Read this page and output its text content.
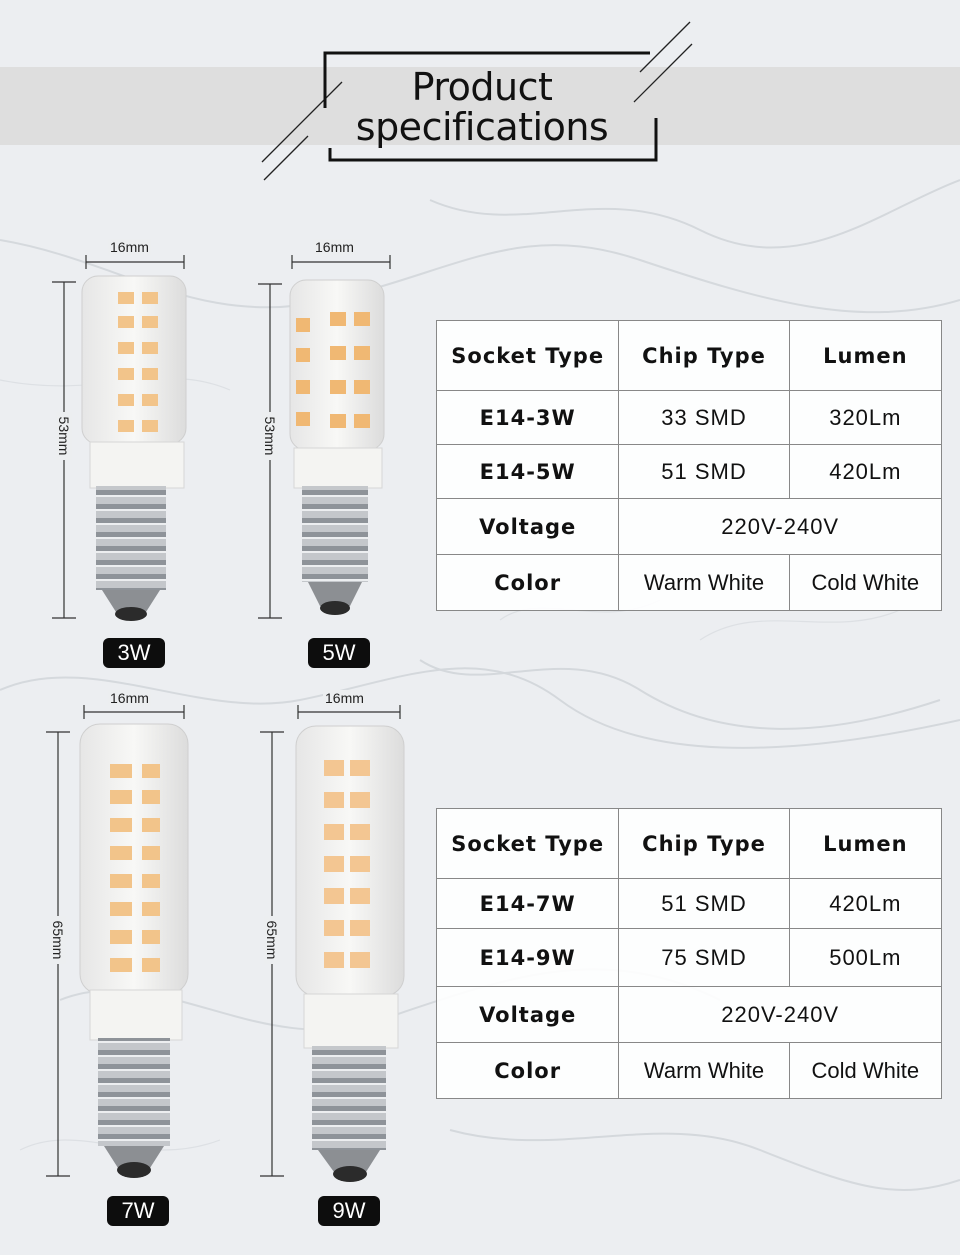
Product
specifications
16mm	16mm
16mm	16mm
53mm	53mm
65mm	65mm
3W	5W
7W	9W
Socket Type	Chip Type	Lumen
E14-3W	33 SMD	320Lm
E14-5W	51 SMD	420Lm
Voltage	220V-240V	
Color	Warm White	Cold White
Socket Type	Chip Type	Lumen
E14-7W	51 SMD	420Lm
E14-9W	75 SMD	500Lm
Voltage	220V-240V	
Color	Warm White	Cold White
